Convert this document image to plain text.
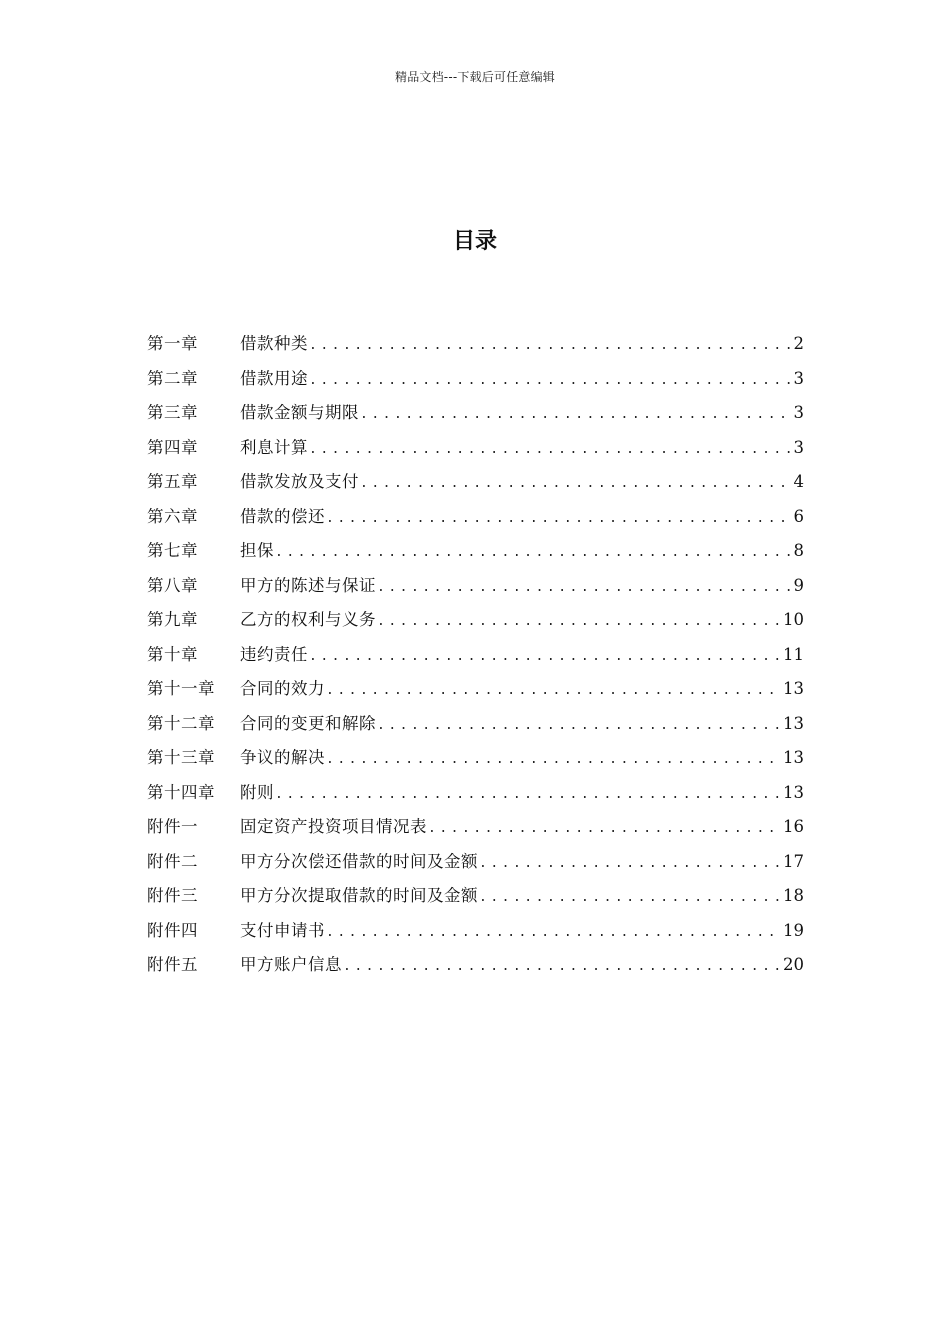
精品文档---下载后可任意编辑
目录
第一章	借款种类 .....	2
第二章	借款用途 .....	3
第三章	借款金额与期限 .....	3
第四章	利息计算 .....	3
第五章	借款发放及支付 .....	4
第六章	借款的偿还 .....	6
第七章	担保 .....	8
第八章	甲方的陈述与保证 .....	9
第九章	乙方的权利与义务 .....	10
第十章	违约责任 .....	11
第十一章	合同的效力 .....	13
第十二章	合同的变更和解除 .....	13
第十三章	争议的解决 .....	13
第十四章	附则 .....	13
附件一	固定资产投资项目情况表 .....	16
附件二	甲方分次偿还借款的时间及金额 .....	17
附件三	甲方分次提取借款的时间及金额 .....	18
附件四	支付申请书 .....	19
附件五	甲方账户信息 .....	20
